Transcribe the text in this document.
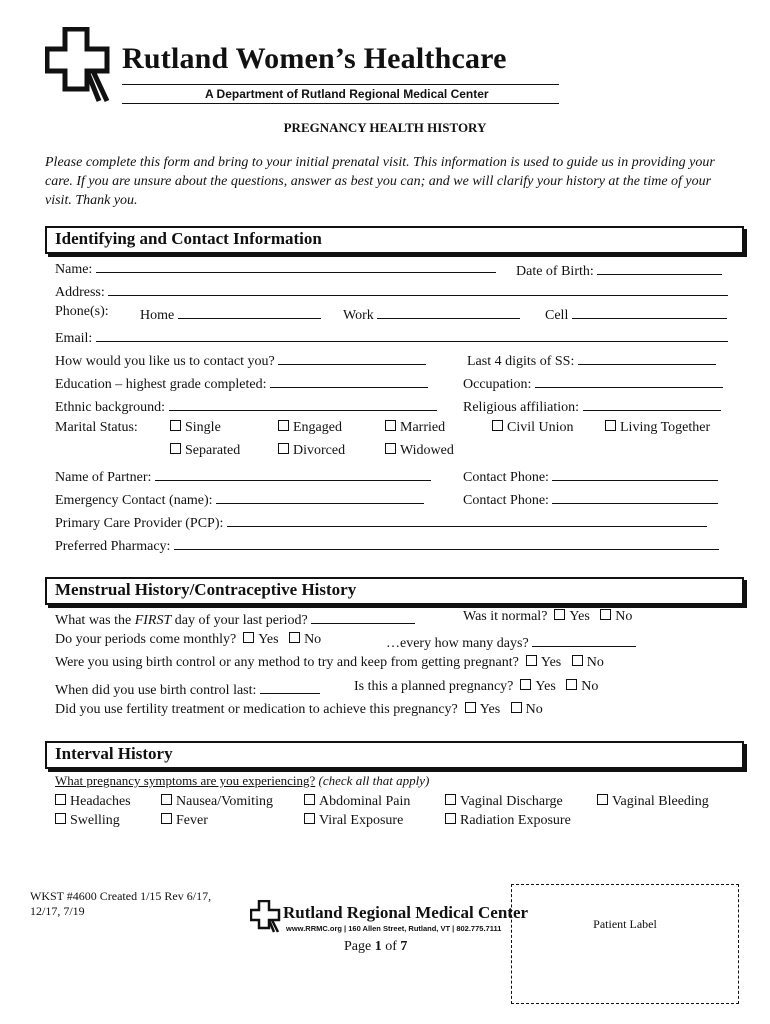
Rutland Women’s Healthcare
A Department of Rutland Regional Medical Center
PREGNANCY HEALTH HISTORY
Please complete this form and bring to your initial prenatal visit. This information is used to guide us in providing your care. If you are unsure about the questions, answer as best you can; and we will clarify your history at the time of your visit. Thank you.
Identifying and Contact Information
Name:	Date of Birth:
Address:
Phone(s): Home	Work	Cell
Email:
How would you like us to contact you?	Last 4 digits of SS:
Education – highest grade completed:	Occupation:
Ethnic background:	Religious affiliation:
Marital Status:	Single	Engaged	Married	Civil Union	Living Together
Separated	Divorced	Widowed
Name of Partner:	Contact Phone:
Emergency Contact (name):	Contact Phone:
Primary Care Provider (PCP):
Preferred Pharmacy:
Menstrual History/Contraceptive History
What was the FIRST day of your last period?	Was it normal? Yes No
Do your periods come monthly? Yes No	…every how many days?
Were you using birth control or any method to try and keep from getting pregnant? Yes No
When did you use birth control last:	Is this a planned pregnancy? Yes No
Did you use fertility treatment or medication to achieve this pregnancy? Yes No
Interval History
What pregnancy symptoms are you experiencing? (check all that apply)
Headaches	Nausea/Vomiting	Abdominal Pain	Vaginal Discharge	Vaginal Bleeding
Swelling	Fever	Viral Exposure	Radiation Exposure
WKST #4600 Created 1/15 Rev 6/17,
12/17, 7/19	Rutland Regional Medical Center
www.RRMC.org | 160 Allen Street, Rutland, VT | 802.775.7111
Page 1 of 7
Patient Label
